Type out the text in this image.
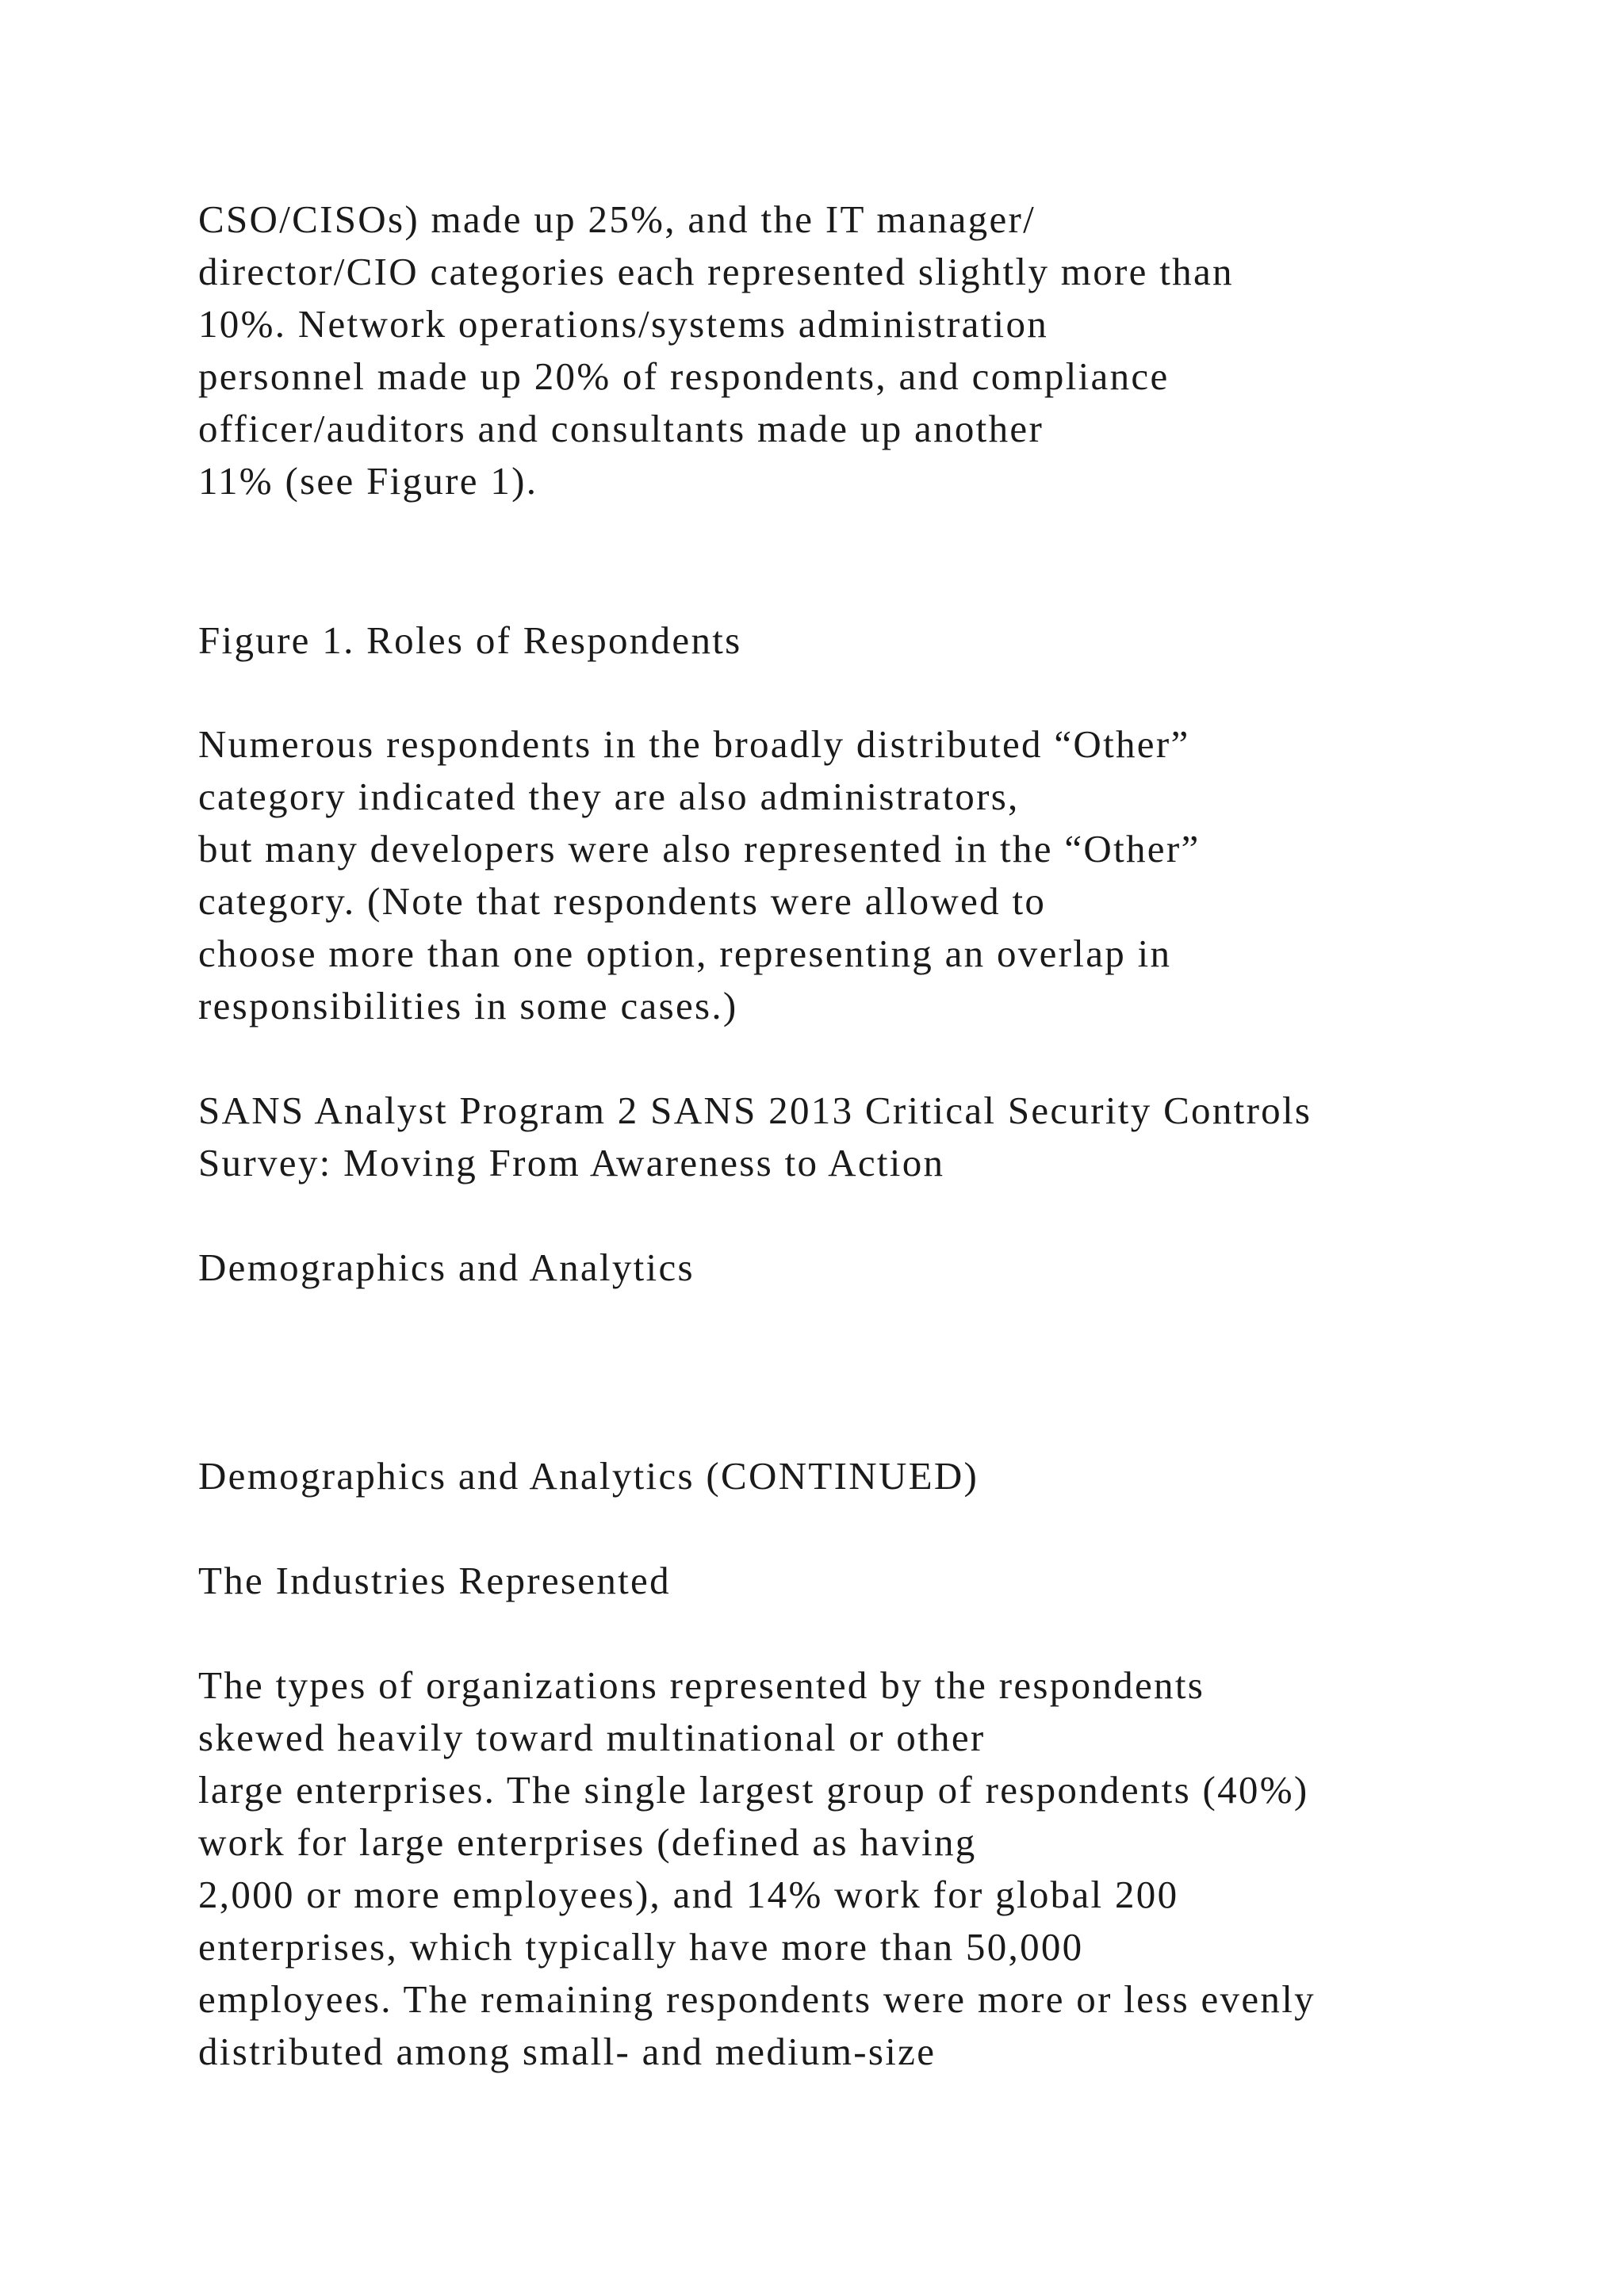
CSO/CISOs) made up 25%, and the IT manager/

director/CIO categories each represented slightly more than

10%. Network operations/systems administration

personnel made up 20% of respondents, and compliance

officer/auditors and consultants made up another

11% (see Figure 1).

Figure 1. Roles of Respondents

Numerous respondents in the broadly distributed “Other”

category indicated they are also administrators,

but many developers were also represented in the “Other”

category. (Note that respondents were allowed to

choose more than one option, representing an overlap in

responsibilities in some cases.)

SANS Analyst Program 2 SANS 2013 Critical Security Controls

Survey: Moving From Awareness to Action

Demographics and Analytics

Demographics and Analytics (CONTINUED)

The Industries Represented

The types of organizations represented by the respondents

skewed heavily toward multinational or other

large enterprises. The single largest group of respondents (40%)

work for large enterprises (defined as having

2,000 or more employees), and 14% work for global 200

enterprises, which typically have more than 50,000

employees. The remaining respondents were more or less evenly

distributed among small- and medium-size
